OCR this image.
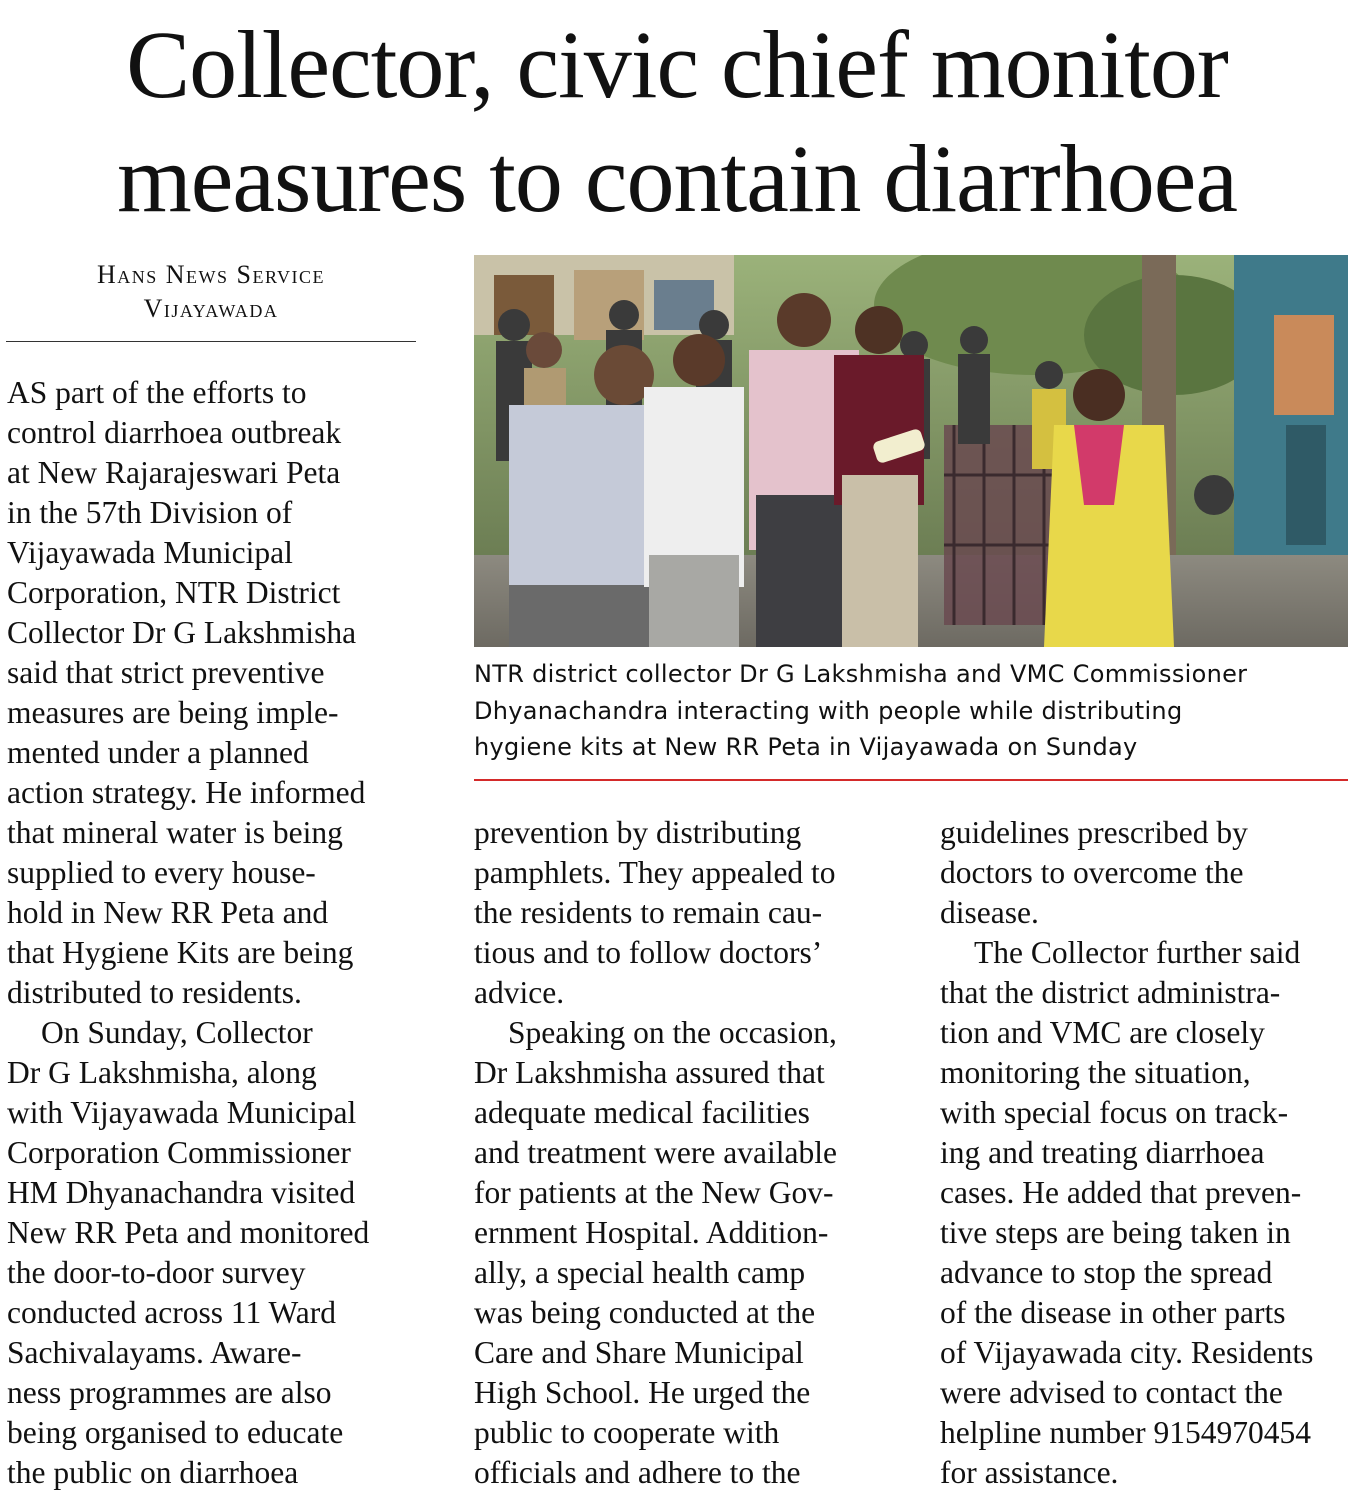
Collector, civic chief monitor
measures to contain diarrhoea
Hans News Service
Vijayawada
NTR district collector Dr G Lakshmisha and VMC Commissioner
Dhyanachandra interacting with people while distributing
hygiene kits at New RR Peta in Vijayawada on Sunday
AS part of the efforts to
control diarrhoea outbreak
at New Rajarajeswari Peta
in the 57th Division of
Vijayawada Municipal
Corporation, NTR District
Collector Dr G Lakshmisha
said that strict preventive
measures are being imple-
mented under a planned
action strategy. He informed
that mineral water is being
supplied to every house-
hold in New RR Peta and
that Hygiene Kits are being
distributed to residents.
On Sunday, Collector
Dr G Lakshmisha, along
with Vijayawada Municipal
Corporation Commissioner
HM Dhyanachandra visited
New RR Peta and monitored
the door-to-door survey
conducted across 11 Ward
Sachivalayams. Aware-
ness programmes are also
being organised to educate
the public on diarrhoea
prevention by distributing
pamphlets. They appealed to
the residents to remain cau-
tious and to follow doctors’
advice.
Speaking on the occasion,
Dr Lakshmisha assured that
adequate medical facilities
and treatment were available
for patients at the New Gov-
ernment Hospital. Addition-
ally, a special health camp
was being conducted at the
Care and Share Municipal
High School. He urged the
public to cooperate with
officials and adhere to the
guidelines prescribed by
doctors to overcome the
disease.
The Collector further said
that the district administra-
tion and VMC are closely
monitoring the situation,
with special focus on track-
ing and treating diarrhoea
cases. He added that preven-
tive steps are being taken in
advance to stop the spread
of the disease in other parts
of Vijayawada city. Residents
were advised to contact the
helpline number 9154970454
for assistance.
